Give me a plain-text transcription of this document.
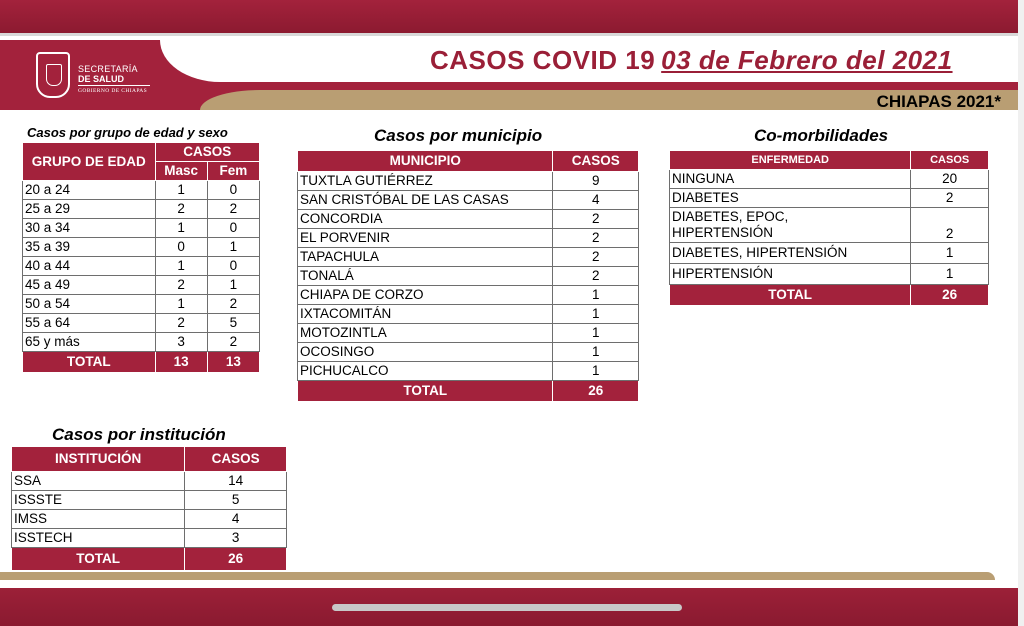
SECRETARÍA
DE SALUD
GOBIERNO DE CHIAPAS
CASOS COVID 19 03 de Febrero del 2021
CHIAPAS 2021*
Casos por grupo de edad y sexo
GRUPO DE EDAD	CASOS	
	Masc	Fem
20 a 24	1	0
25 a 29	2	2
30 a 34	1	0
35 a 39	0	1
40 a 44	1	0
45 a 49	2	1
50 a 54	1	2
55 a 64	2	5
65 y más	3	2
TOTAL	13	13
Casos por municipio
MUNICIPIO	CASOS
TUXTLA GUTIÉRREZ	9
SAN CRISTÓBAL DE LAS CASAS	4
CONCORDIA	2
EL PORVENIR	2
TAPACHULA	2
TONALÁ	2
CHIAPA DE CORZO	1
IXTACOMITÁN	1
MOTOZINTLA	1
OCOSINGO	1
PICHUCALCO	1
TOTAL	26
Co-morbilidades
ENFERMEDAD	CASOS
NINGUNA	20
DIABETES	2
DIABETES, EPOC,
HIPERTENSIÓN	2
DIABETES, HIPERTENSIÓN	1
HIPERTENSIÓN	1
TOTAL	26
Casos por institución
INSTITUCIÓN	CASOS
SSA	14
ISSSTE	5
IMSS	4
ISSTECH	3
TOTAL	26
